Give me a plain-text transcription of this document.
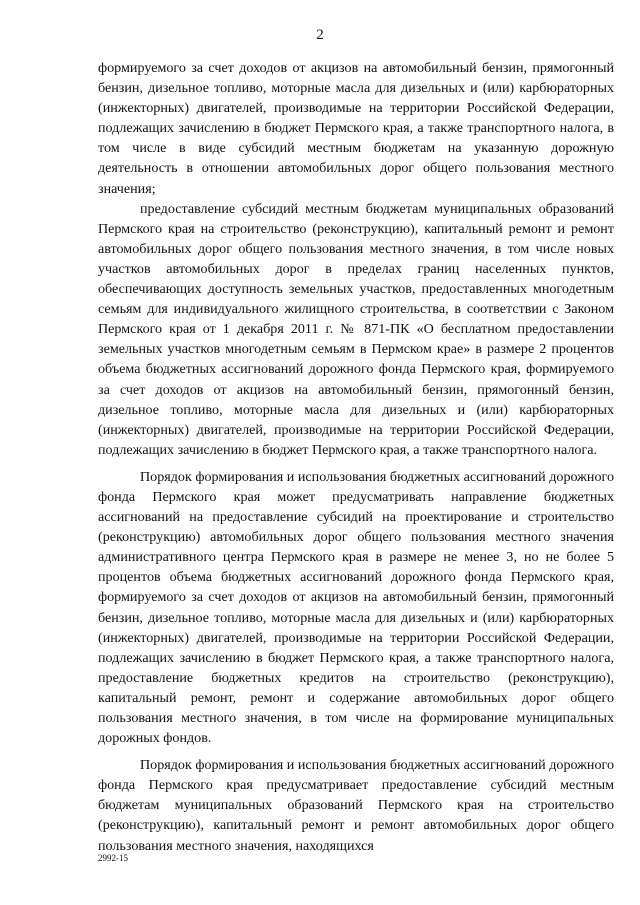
2

формируемого за счет доходов от акцизов на автомобильный бензин, прямогонный бензин, дизельное топливо, моторные масла для дизельных и (или) карбюраторных (инжекторных) двигателей, производимые на территории Российской Федерации, подлежащих зачислению в бюджет Пермского края, а также транспортного налога, в том числе в виде субсидий местным бюджетам на указанную дорожную деятельность в отношении автомобильных дорог общего пользования местного значения;

предоставление субсидий местным бюджетам муниципальных образований Пермского края на строительство (реконструкцию), капитальный ремонт и ремонт автомобильных дорог общего пользования местного значения, в том числе новых участков автомобильных дорог в пределах границ населенных пунктов, обеспечивающих доступность земельных участков, предоставленных многодетным семьям для индивидуального жилищного строительства, в соответствии с Законом Пермского края от 1 декабря 2011 г. № 871-ПК «О бесплатном предоставлении земельных участков многодетным семьям в Пермском крае» в размере 2 процентов объема бюджетных ассигнований дорожного фонда Пермского края, формируемого за счет доходов от акцизов на автомобильный бензин, прямогонный бензин, дизельное топливо, моторные масла для дизельных и (или) карбюраторных (инжекторных) двигателей, производимые на территории Российской Федерации, подлежащих зачислению в бюджет Пермского края, а также транспортного налога.

Порядок формирования и использования бюджетных ассигнований дорожного фонда Пермского края может предусматривать направление бюджетных ассигнований на предоставление субсидий на проектирование и строительство (реконструкцию) автомобильных дорог общего пользования местного значения административного центра Пермского края в размере не менее 3, но не более 5 процентов объема бюджетных ассигнований дорожного фонда Пермского края, формируемого за счет доходов от акцизов на автомобильный бензин, прямогонный бензин, дизельное топливо, моторные масла для дизельных и (или) карбюраторных (инжекторных) двигателей, производимые на территории Российской Федерации, подлежащих зачислению в бюджет Пермского края, а также транспортного налога, предоставление бюджетных кредитов на строительство (реконструкцию), капитальный ремонт, ремонт и содержание автомобильных дорог общего пользования местного значения, в том числе на формирование муниципальных дорожных фондов.

Порядок формирования и использования бюджетных ассигнований дорожного фонда Пермского края предусматривает предоставление субсидий местным бюджетам муниципальных образований Пермского края на строительство (реконструкцию), капитальный ремонт и ремонт автомобильных дорог общего пользования местного значения, находящихся

2992-15
